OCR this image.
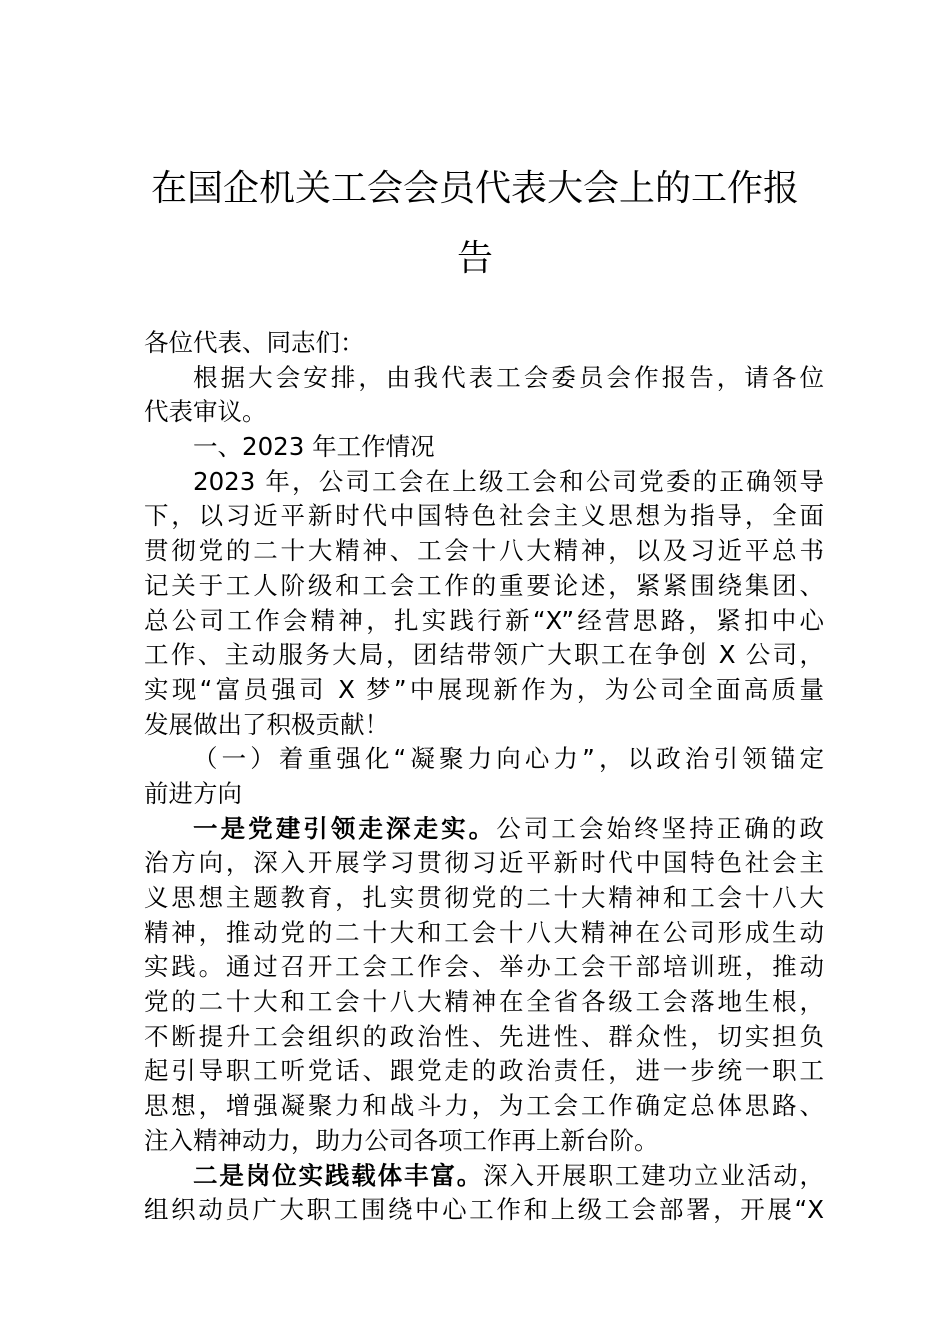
在国企机关工会会员代表大会上的工作报
告
各位代表、同志们：
根据大会安排，由我代表工会委员会作报告，请各位
代表审议。
一、2023 年工作情况
2023 年，公司工会在上级工会和公司党委的正确领导
下，以习近平新时代中国特色社会主义思想为指导，全面
贯彻党的二十大精神、工会十八大精神，以及习近平总书
记关于工人阶级和工会工作的重要论述，紧紧围绕集团、
总公司工作会精神，扎实践行新“X”经营思路，紧扣中心
工作、主动服务大局，团结带领广大职工在争创 X 公司，
实现“富员强司 X 梦”中展现新作为，为公司全面高质量
发展做出了积极贡献！
（一）着重强化“凝聚力向心力”，以政治引领锚定
前进方向
一是党建引领走深走实。公司工会始终坚持正确的政
治方向，深入开展学习贯彻习近平新时代中国特色社会主
义思想主题教育，扎实贯彻党的二十大精神和工会十八大
精神，推动党的二十大和工会十八大精神在公司形成生动
实践。通过召开工会工作会、举办工会干部培训班，推动
党的二十大和工会十八大精神在全省各级工会落地生根，
不断提升工会组织的政治性、先进性、群众性，切实担负
起引导职工听党话、跟党走的政治责任，进一步统一职工
思想，增强凝聚力和战斗力，为工会工作确定总体思路、
注入精神动力，助力公司各项工作再上新台阶。
二是岗位实践载体丰富。深入开展职工建功立业活动，
组织动员广大职工围绕中心工作和上级工会部署，开展“X
